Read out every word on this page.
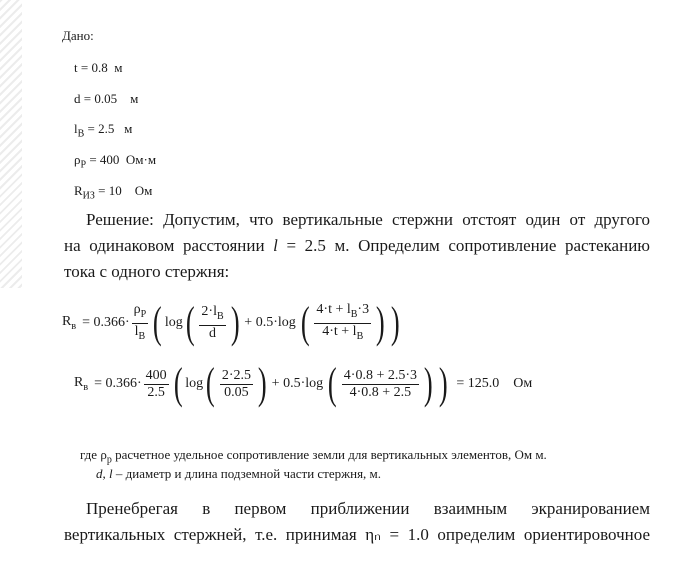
Дано:
t = 0.8 м
d = 0.05 м
$l_B = 2.5$ м
$\rho_P = 400$ Ом·м
$R_{ИЗ} = 10$ Ом
Решение: Допустим, что вертикальные стержни отстоят один от другого
на одинаковом расстоянии l = 2.5 м. Определим сопротивление растеканию
тока с одного стержня:
$R_в = 0.366\cdot \frac{\rho_P}{l_B}$ ( log ( $\frac{2\cdot l_B}{d}$ ) + 0.5·log ( $\frac{4\cdot t + l_B\cdot 3}{4\cdot t + l_B}$ ) )
$R_в = 0.366\cdot \frac{400}{2.5}$ ( log ( $\frac{2\cdot 2.5}{0.05}$ ) + 0.5·log ( $\frac{4\cdot 0.8 + 2.5\cdot 3}{4\cdot 0.8 + 2.5}$ ) ) = 125.0 Ом
где $\rho_р$ расчетное удельное сопротивление земли для вертикальных элементов, Ом м.
d, l – диаметр и длина подземной части стержня, м.
Пренебрегая в первом приближении взаимным экранированием
вертикальных стержней, т.е. принимая ηₙ = 1.0 определим ориентировочное
